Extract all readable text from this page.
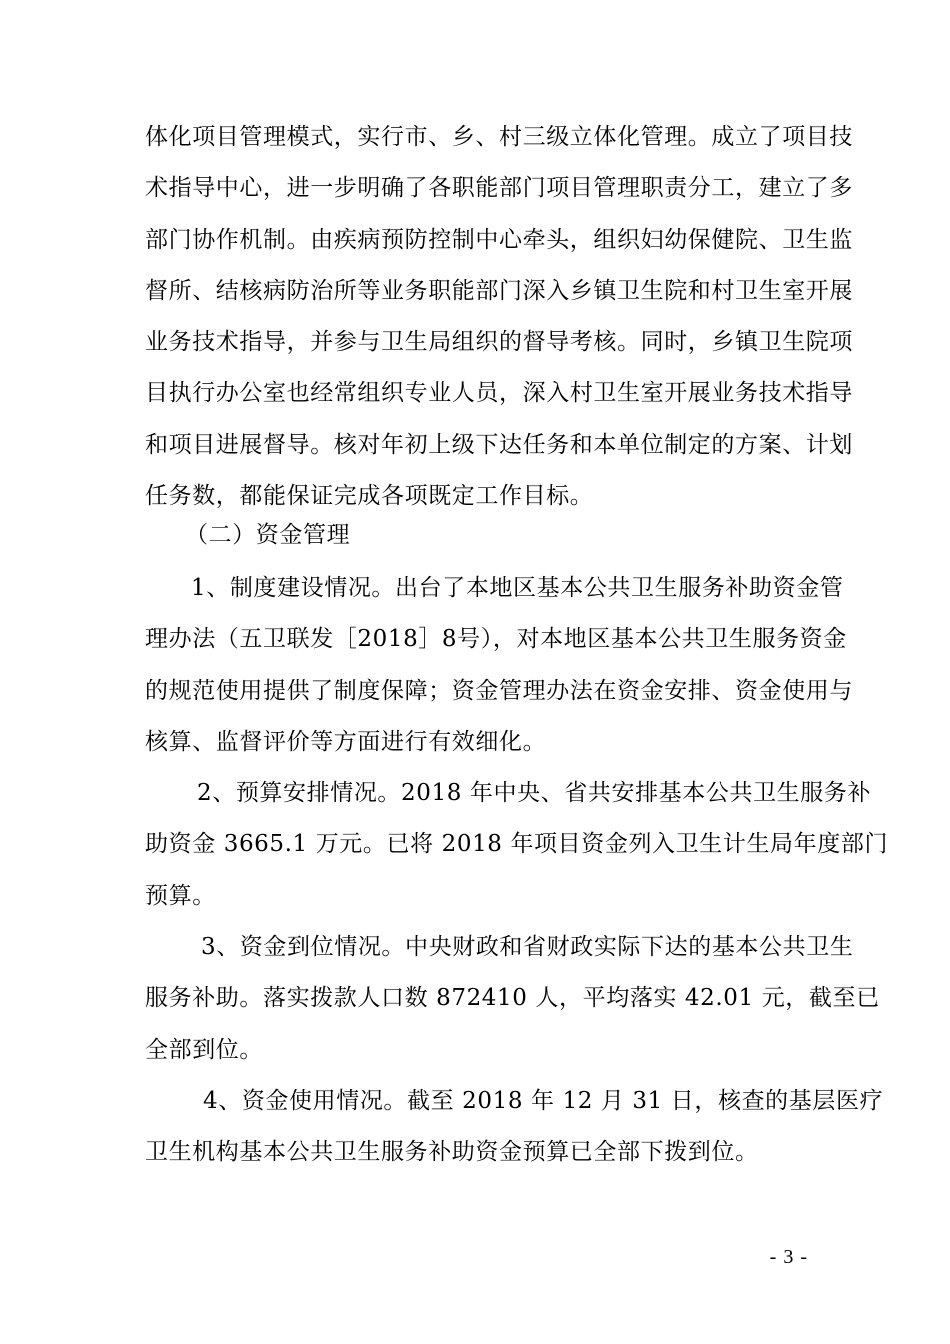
体化项目管理模式，实行市、乡、村三级立体化管理。成立了项目技
术指导中心，进一步明确了各职能部门项目管理职责分工，建立了多
部门协作机制。由疾病预防控制中心牵头，组织妇幼保健院、卫生监
督所、结核病防治所等业务职能部门深入乡镇卫生院和村卫生室开展
业务技术指导，并参与卫生局组织的督导考核。同时，乡镇卫生院项
目执行办公室也经常组织专业人员，深入村卫生室开展业务技术指导
和项目进展督导。核对年初上级下达任务和本单位制定的方案、计划
任务数，都能保证完成各项既定工作目标。
（二）资金管理
1、制度建设情况。出台了本地区基本公共卫生服务补助资金管
理办法（五卫联发［2018］8号），对本地区基本公共卫生服务资金
的规范使用提供了制度保障；资金管理办法在资金安排、资金使用与
核算、监督评价等方面进行有效细化。
2、预算安排情况。2018 年中央、省共安排基本公共卫生服务补
助资金 3665.1 万元。已将 2018 年项目资金列入卫生计生局年度部门
预算。
3、资金到位情况。中央财政和省财政实际下达的基本公共卫生
服务补助。落实拨款人口数 872410 人，平均落实 42.01 元，截至已
全部到位。
4、资金使用情况。截至 2018 年 12 月 31 日，核查的基层医疗
卫生机构基本公共卫生服务补助资金预算已全部下拨到位。
- 3 -
